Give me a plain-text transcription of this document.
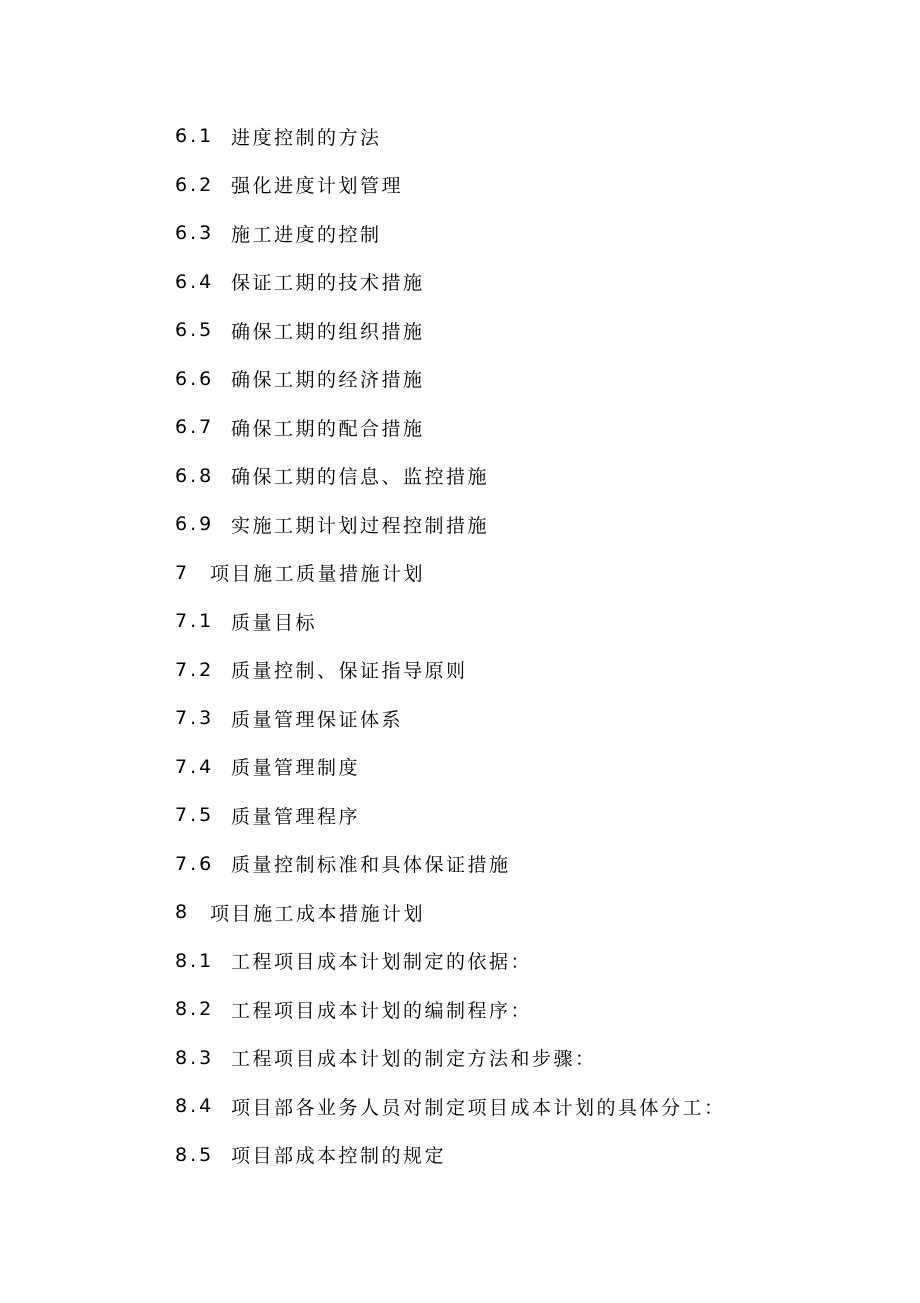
6.1 进度控制的方法
6.2 强化进度计划管理
6.3 施工进度的控制
6.4 保证工期的技术措施
6.5 确保工期的组织措施
6.6 确保工期的经济措施
6.7 确保工期的配合措施
6.8 确保工期的信息、监控措施
6.9 实施工期计划过程控制措施
7	项目施工质量措施计划
7.1 质量目标
7.2 质量控制、保证指导原则
7.3 质量管理保证体系
7.4 质量管理制度
7.5 质量管理程序
7.6 质量控制标准和具体保证措施
8	项目施工成本措施计划
8.1 工程项目成本计划制定的依据：
8.2 工程项目成本计划的编制程序：
8.3 工程项目成本计划的制定方法和步骤：
8.4 项目部各业务人员对制定项目成本计划的具体分工：
8.5 项目部成本控制的规定
